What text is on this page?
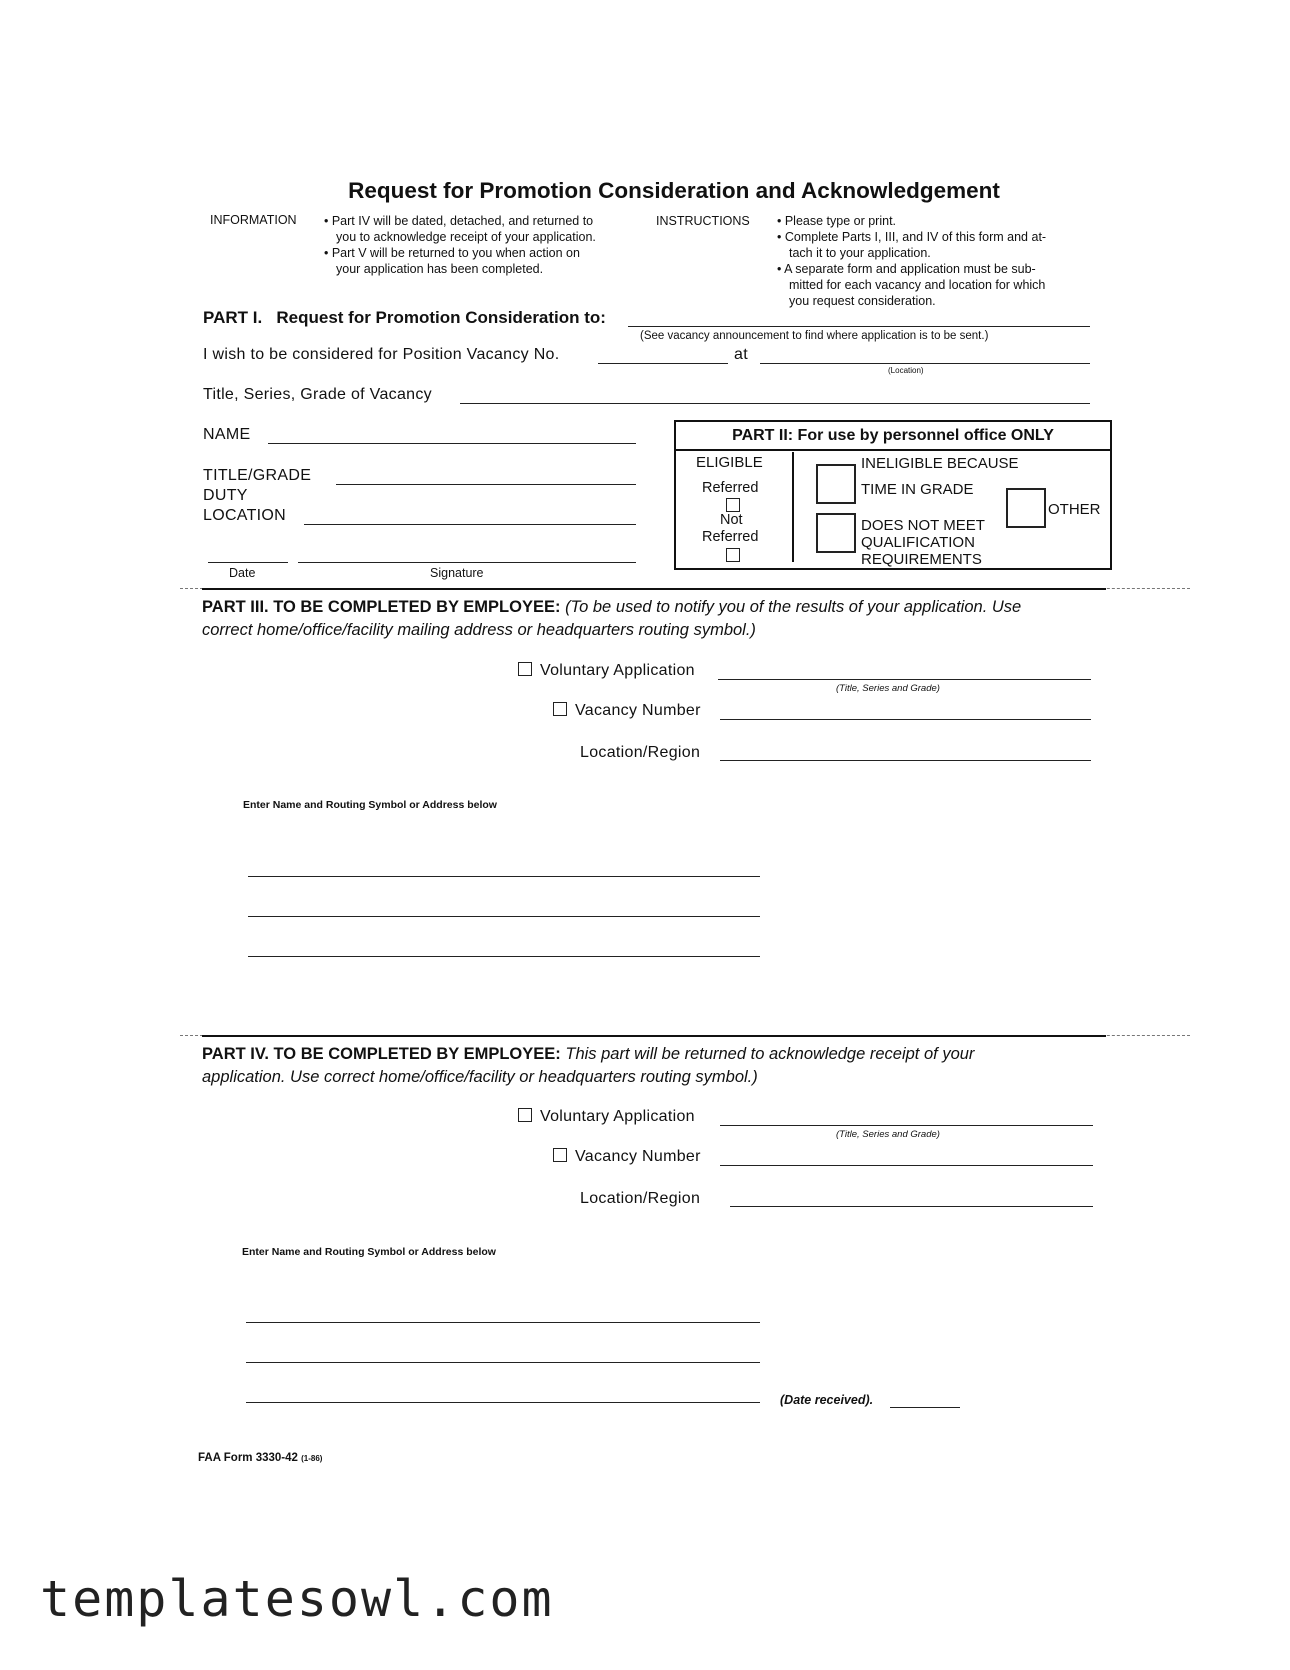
Request for Promotion Consideration and Acknowledgement
INFORMATION • Part IV will be dated, detached, and returned to
you to acknowledge receipt of your application.
• Part V will be returned to you when action on
your application has been completed.
INSTRUCTIONS • Please type or print.
• Complete Parts I, III, and IV of this form and at-
tach it to your application.
• A separate form and application must be sub-
mitted for each vacancy and location for which
you request consideration.
PART I. Request for Promotion Consideration to:
(See vacancy announcement to find where application is to be sent.)
I wish to be considered for Position Vacancy No.	at
(Location)
Title, Series, Grade of Vacancy
NAME
TITLE/GRADE
DUTY
LOCATION
Date	Signature
PART II: For use by personnel office ONLY
ELIGIBLE
Referred
Not
Referred
INELIGIBLE BECAUSE
TIME IN GRADE
OTHER
DOES NOT MEET
QUALIFICATION
REQUIREMENTS
PART III. TO BE COMPLETED BY EMPLOYEE: (To be used to notify you of the results of your application. Use
correct home/office/facility mailing address or headquarters routing symbol.)
Voluntary Application
(Title, Series and Grade)
Vacancy Number
Location/Region
Enter Name and Routing Symbol or Address below
PART IV. TO BE COMPLETED BY EMPLOYEE: This part will be returned to acknowledge receipt of your
application. Use correct home/office/facility or headquarters routing symbol.)
Voluntary Application
(Title, Series and Grade)
Vacancy Number
Location/Region
Enter Name and Routing Symbol or Address below
(Date received).
FAA Form 3330-42 (1-86)
templatesowl.com
